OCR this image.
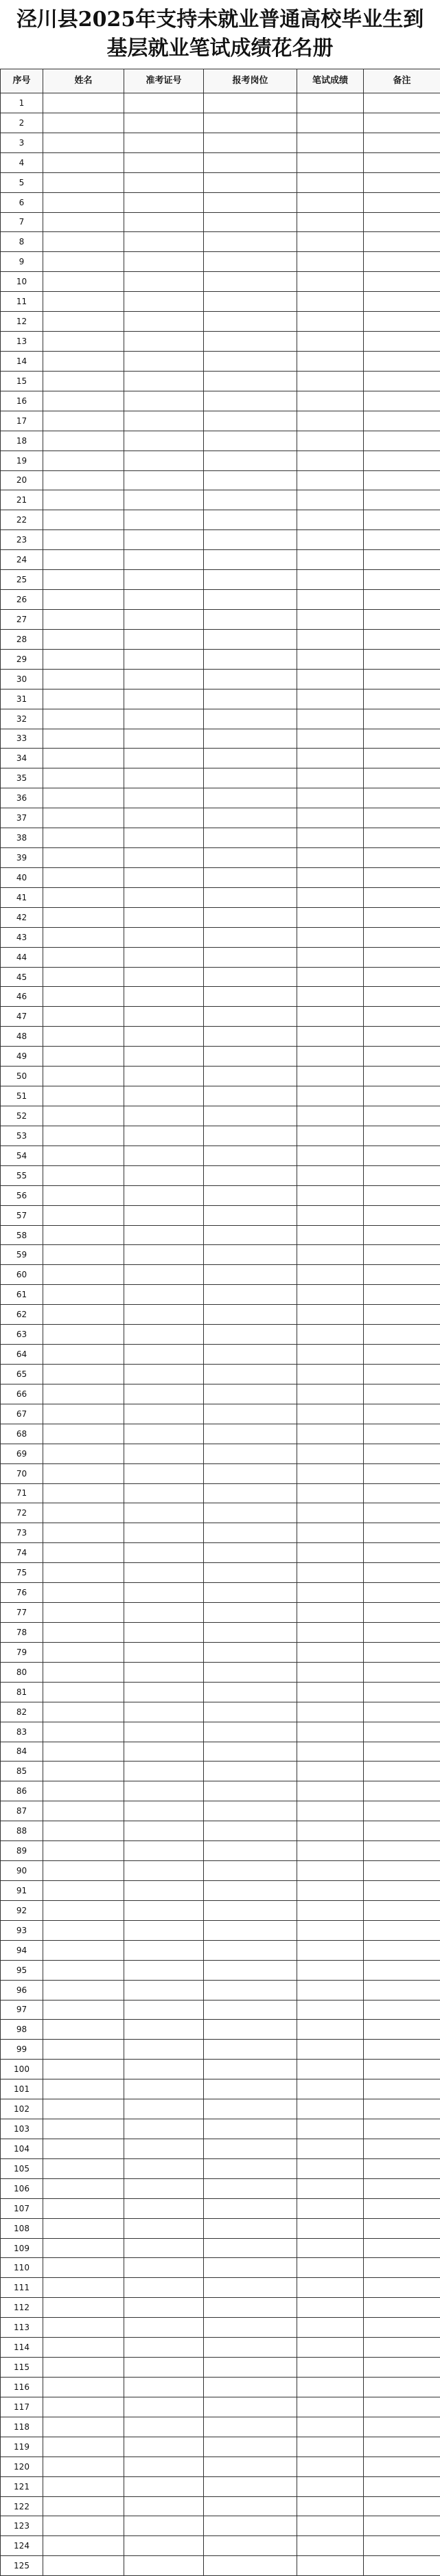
泾川县2025年支持未就业普通高校毕业生到基层就业笔试成绩花名册
序号	姓名	准考证号	报考岗位	笔试成绩	备注
1					
2					
3					
4					
5					
6					
7					
8					
9					
10					
11					
12					
13					
14					
15					
16					
17					
18					
19					
20					
21					
22					
23					
24					
25					
26					
27					
28					
29					
30					
31					
32					
33					
34					
35					
36					
37					
38					
39					
40					
41					
42					
43					
44					
45					
46					
47					
48					
49					
50					
51					
52					
53					
54					
55					
56					
57					
58					
59					
60					
61					
62					
63					
64					
65					
66					
67					
68					
69					
70					
71					
72					
73					
74					
75					
76					
77					
78					
79					
80					
81					
82					
83					
84					
85					
86					
87					
88					
89					
90					
91					
92					
93					
94					
95					
96					
97					
98					
99					
100					
101					
102					
103					
104					
105					
106					
107					
108					
109					
110					
111					
112					
113					
114					
115					
116					
117					
118					
119					
120					
121					
122					
123					
124					
125					
